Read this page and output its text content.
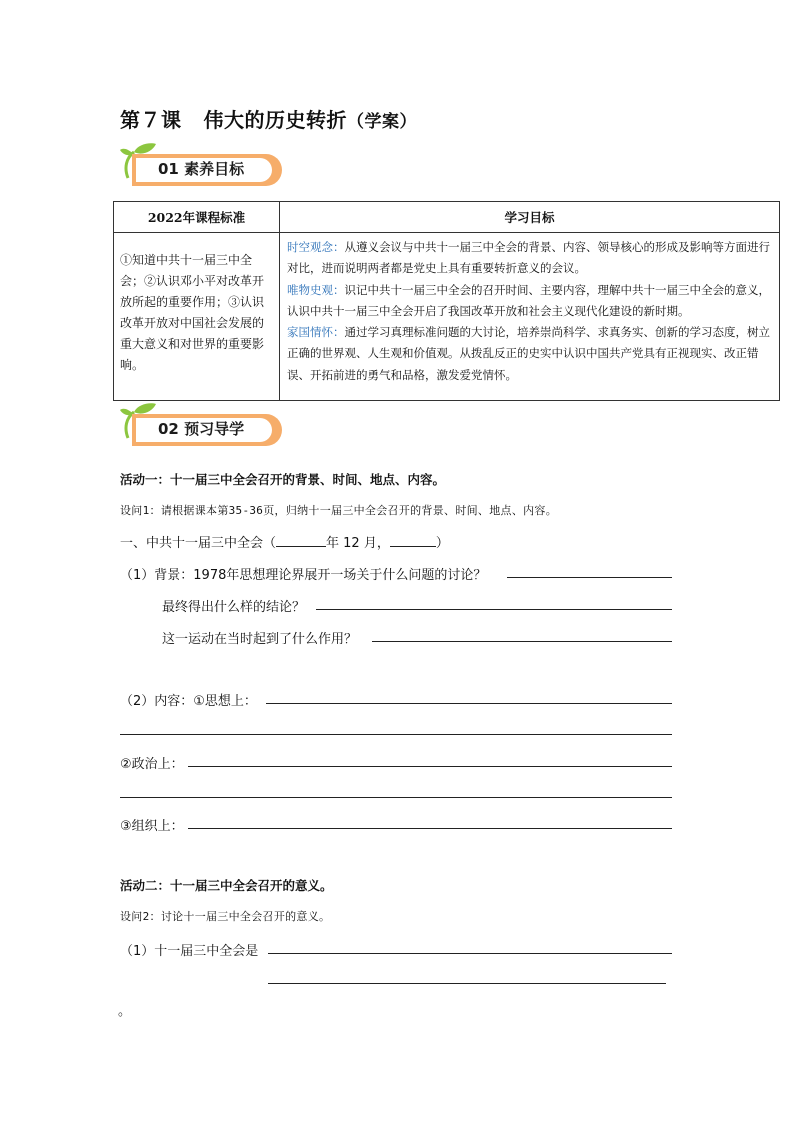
第７课 伟大的历史转折（学案）
01 素养目标
2022年课程标准	学习目标

①知道中共十一届三中全会；②认识邓小平对改革开放所起的重要作用；③认识改革开放对中国社会发展的重大意义和对世界的重要影响。	时空观念：从遵义会议与中共十一届三中全会的背景、内容、领导核心的形成及影响等方面进行对比，进而说明两者都是党史上具有重要转折意义的会议。
唯物史观：识记中共十一届三中全会的召开时间、主要内容，理解中共十一届三中全会的意义，认识中共十一届三中全会开启了我国改革开放和社会主义现代化建设的新时期。
家国情怀：通过学习真理标准问题的大讨论，培养崇尚科学、求真务实、创新的学习态度，树立正确的世界观、人生观和价值观。从拨乱反正的史实中认识中国共产党具有正视现实、改正错误、开拓前进的勇气和品格，激发爱党情怀。
02 预习导学
活动一：十一届三中全会召开的背景、时间、地点、内容。
设问1：请根据课本第35-36页，归纳十一届三中全会召开的背景、时间、地点、内容。
一、中共十一届三中全会（	年 12 月，	）
（1）背景：1978年思想理论界展开一场关于什么问题的讨论？
最终得出什么样的结论？
这一运动在当时起到了什么作用？
（2）内容：①思想上：
②政治上：
③组织上：
活动二：十一届三中全会召开的意义。
设问2：讨论十一届三中全会召开的意义。
（1）十一届三中全会是
。
